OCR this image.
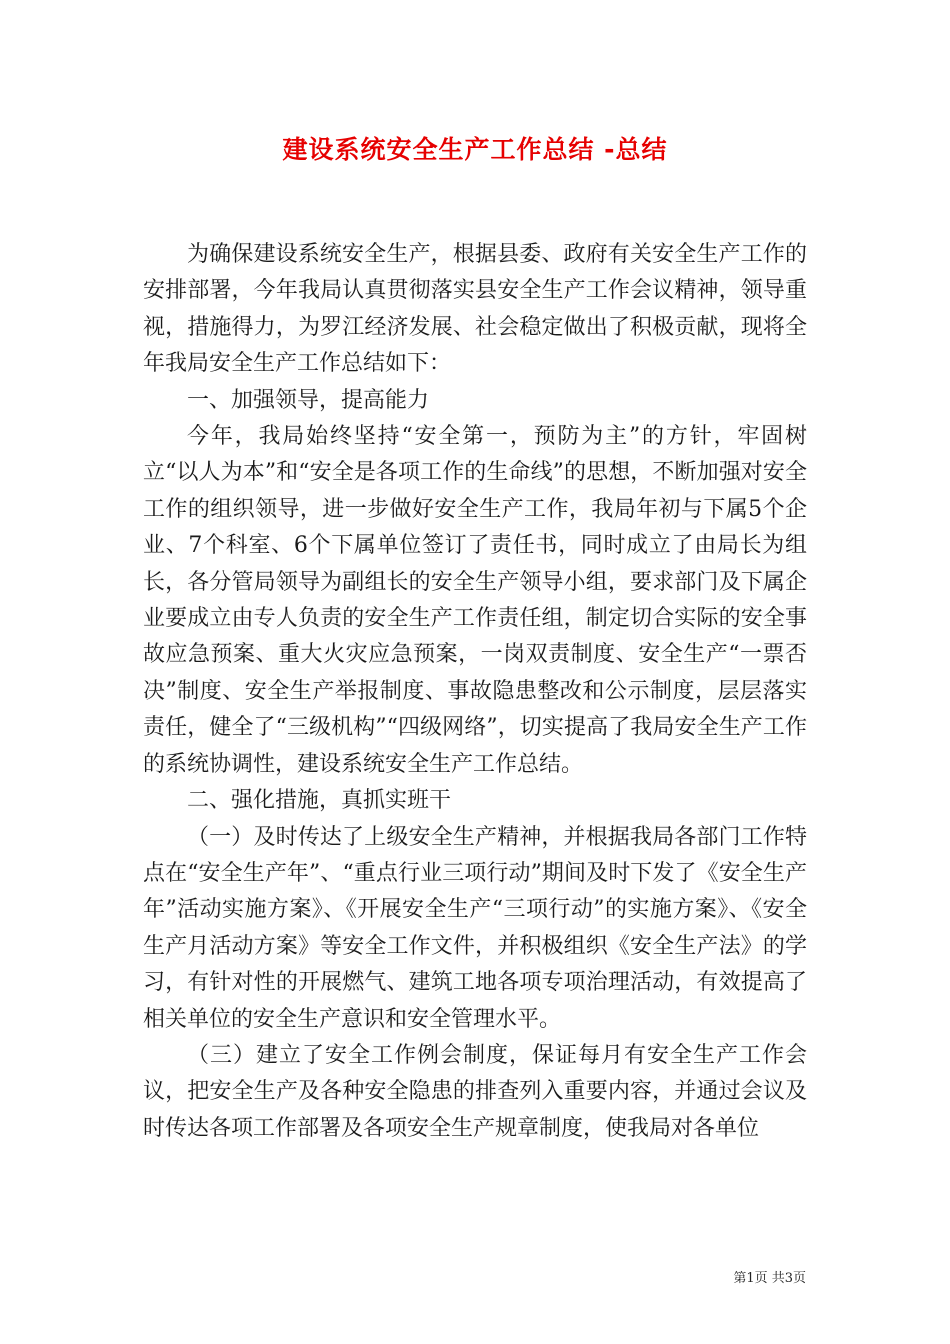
建设系统安全生产工作总结 -总结

为确保建设系统安全生产，根据县委、政府有关安全生产工作的安排部署，今年我局认真贯彻落实县安全生产工作会议精神，领导重视，措施得力，为罗江经济发展、社会稳定做出了积极贡献，现将全年我局安全生产工作总结如下：

一、加强领导，提高能力

今年，我局始终坚持“安全第一，预防为主”的方针，牢固树立“以人为本”和“安全是各项工作的生命线”的思想，不断加强对安全工作的组织领导，进一步做好安全生产工作，我局年初与下属5个企业、7个科室、6个下属单位签订了责任书，同时成立了由局长为组长，各分管局领导为副组长的安全生产领导小组，要求部门及下属企业要成立由专人负责的安全生产工作责任组，制定切合实际的安全事故应急预案、重大火灾应急预案，一岗双责制度、安全生产“一票否决”制度、安全生产举报制度、事故隐患整改和公示制度，层层落实责任，健全了“三级机构”“四级网络”，切实提高了我局安全生产工作的系统协调性，建设系统安全生产工作总结。

二、强化措施，真抓实班干

（一）及时传达了上级安全生产精神，并根据我局各部门工作特点在“安全生产年”、“重点行业三项行动”期间及时下发了《安全生产年”活动实施方案》、《开展安全生产“三项行动”的实施方案》、《安全生产月活动方案》等安全工作文件，并积极组织《安全生产法》的学习，有针对性的开展燃气、建筑工地各项专项治理活动，有效提高了相关单位的安全生产意识和安全管理水平。

（三）建立了安全工作例会制度，保证每月有安全生产工作会议，把安全生产及各种安全隐患的排查列入重要内容，并通过会议及时传达各项工作部署及各项安全生产规章制度，使我局对各单位

第1页 共3页
